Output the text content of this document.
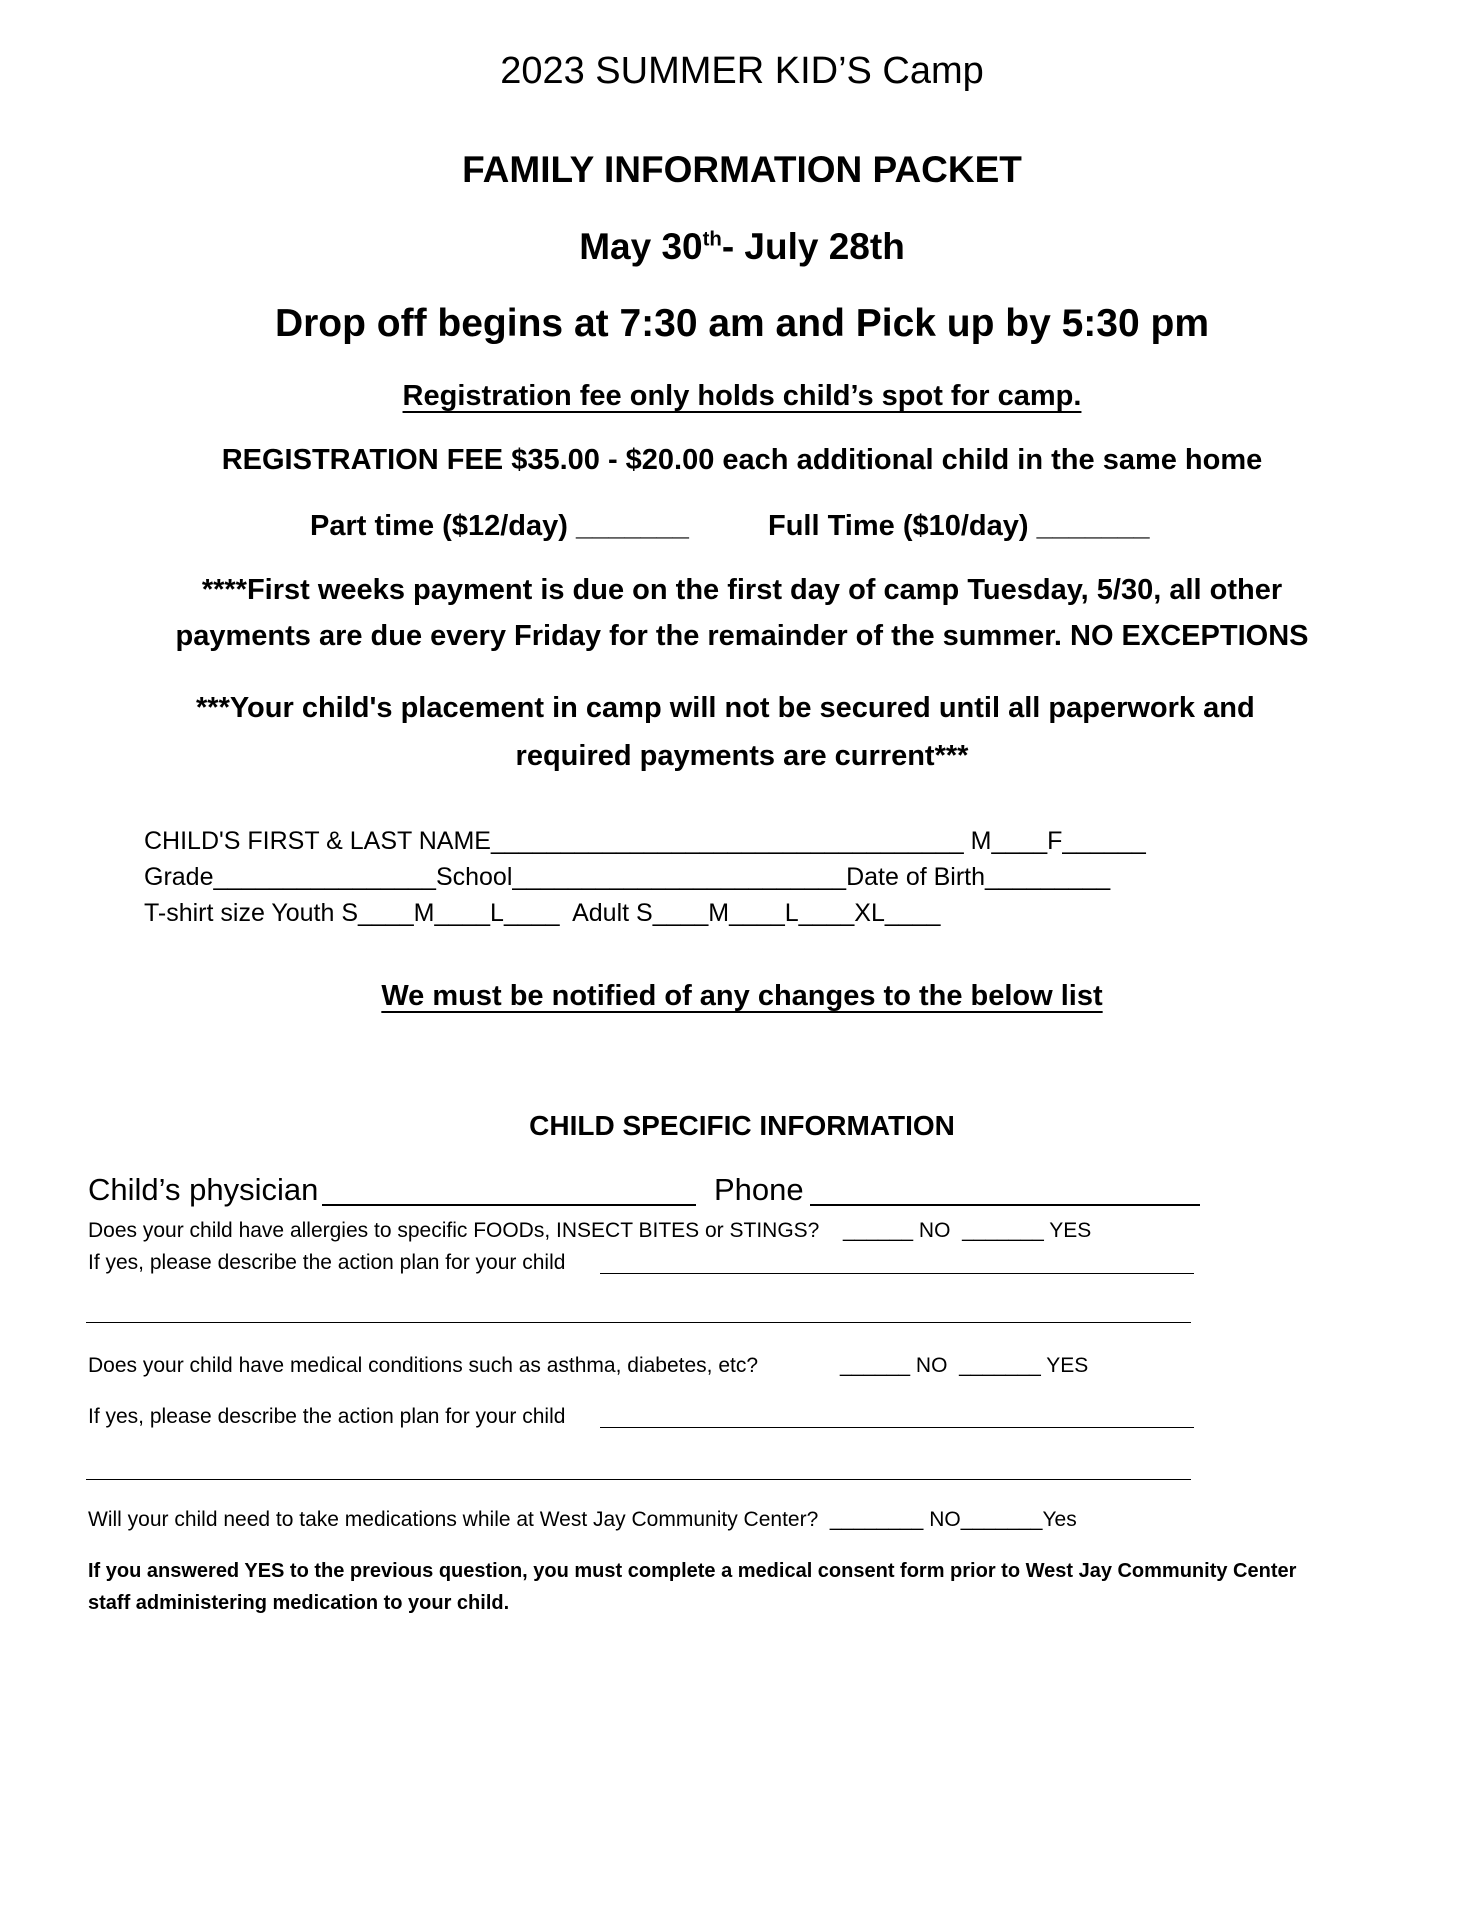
2023 SUMMER KID’S Camp
FAMILY INFORMATION PACKET
May 30th- July 28th
Drop off begins at 7:30 am and Pick up by 5:30 pm
Registration fee only holds child’s spot for camp.
REGISTRATION FEE $35.00 - $20.00 each additional child in the same home
Part time ($12/day) _______	Full Time ($10/day) _______
****First weeks payment is due on the first day of camp Tuesday, 5/30, all other
payments are due every Friday for the remainder of the summer. NO EXCEPTIONS
***Your child's placement in camp will not be secured until all paperwork and
required payments are current***
CHILD'S FIRST & LAST NAME__________________________________ M____F______
Grade________________School________________________Date of Birth_________
T-shirt size Youth S____M____L____  Adult S____M____L____XL____
We must be notified of any changes to the below list
CHILD SPECIFIC INFORMATION
Child’s physician	Phone
Does your child have allergies to specific FOODs, INSECT BITES or STINGS? ______ NO  _______ YES
If yes, please describe the action plan for your child
Does your child have medical conditions such as asthma, diabetes, etc?	______ NO  _______ YES
If yes, please describe the action plan for your child
Will your child need to take medications while at West Jay Community Center?  ________ NO_______Yes
If you answered YES to the previous question, you must complete a medical consent form prior to West Jay Community Center
staff administering medication to your child.
